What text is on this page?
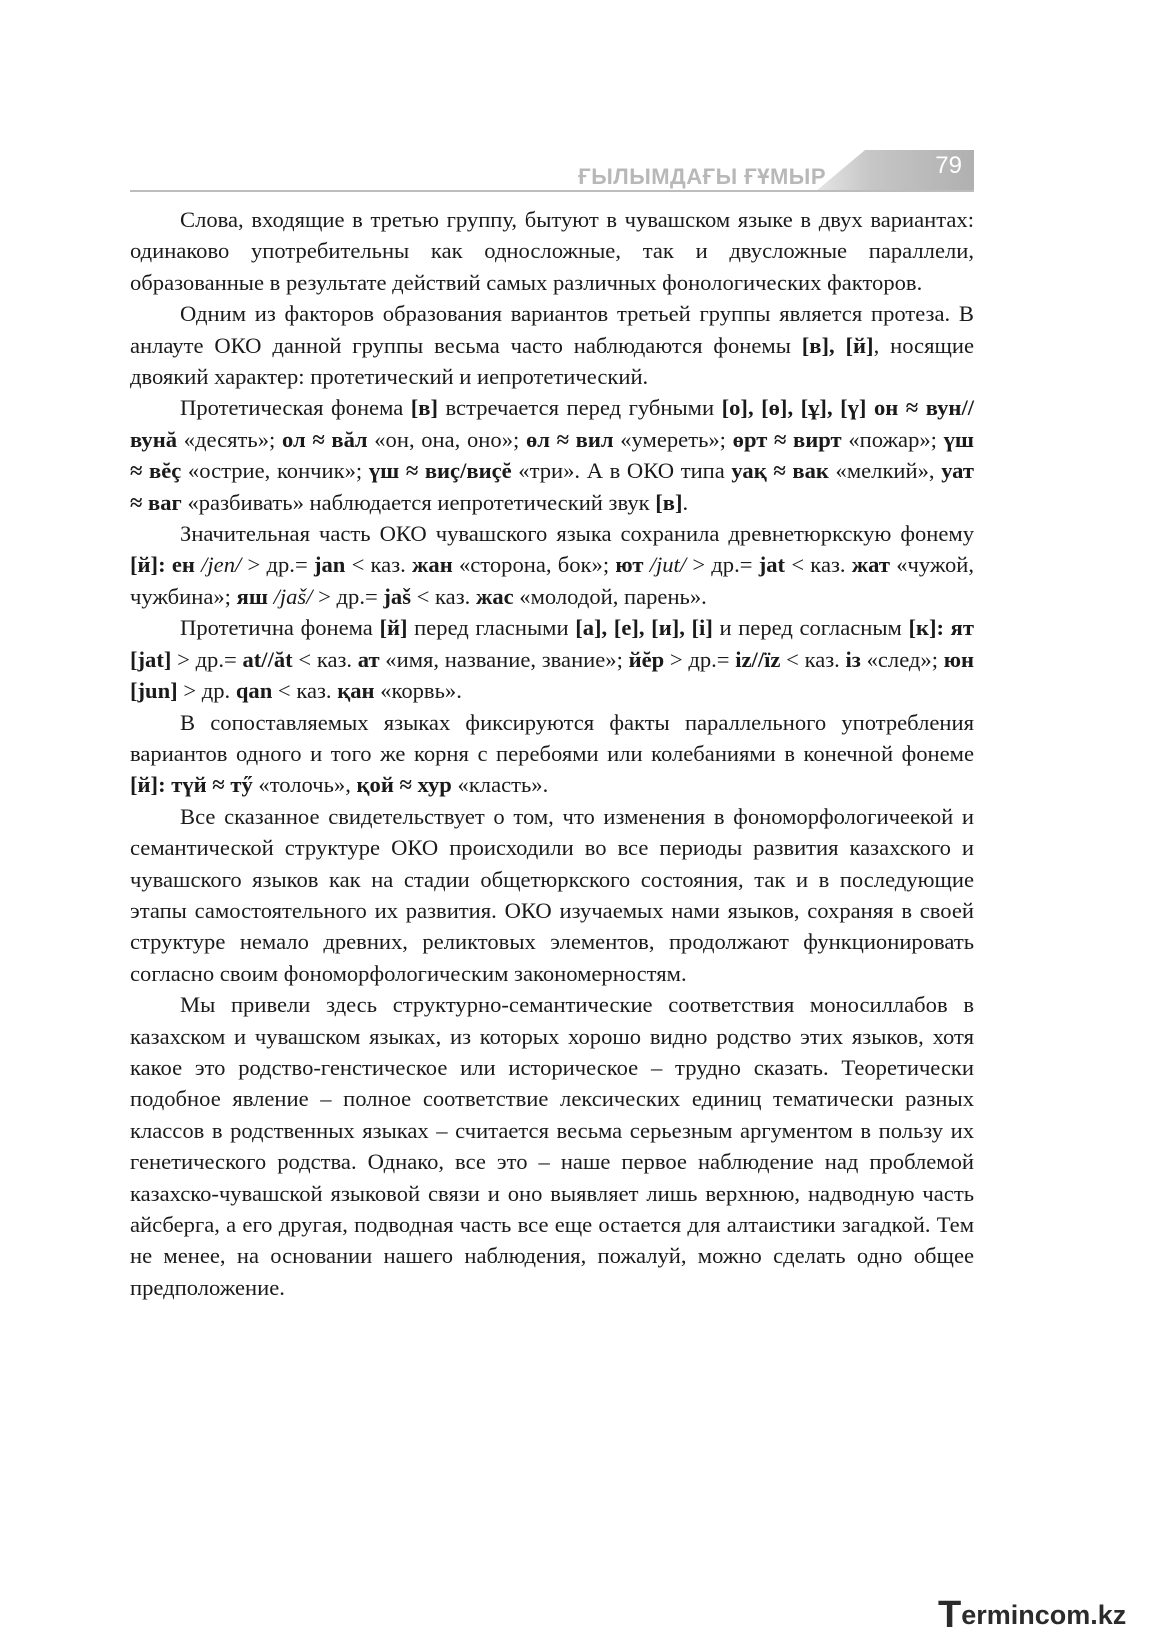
ҒЫЛЫМДАҒЫ ҒҰМЫР	79

Слова, входящие в третью группу, бытуют в чувашском языке в двух вариантах: одинаково употребительны как односложные, так и двусложные параллели, образованные в результате действий самых различных фонологических факторов.

Одним из факторов образования вариантов третьей группы является протеза. В анлауте ОКО данной группы весьма часто наблюдаются фонемы [в], [й], носящие двоякий характер: протетический и иепротетический.

Протетическая фонема [в] встречается перед губными [о], [ө], [ұ], [ү] он ≈ вун//вунă «десять»; ол ≈ вăл «он, она, оно»; өл ≈ вил «умереть»; өрт ≈ вирт «пожар»; үш ≈ вĕç «острие, кончик»; үш ≈ виç/виçĕ «три». А в ОКО типа уақ ≈ вак «мелкий», уат ≈ ваг «разбивать» наблюдается иепротетический звук [в].

Значительная часть ОКО чувашского языка сохранила древнетюркскую фонему [й]: ен /jen/ > др.= jan < каз. жан «сторона, бок»; ют /jut/ > др.= jat < каз. жат «чужой, чужбина»; яш /jaš/ > др.= jaš < каз. жас «молодой, парень».

Протетична фонема [й] перед гласными [а], [е], [и], [і] и перед согласным [к]: ят [jat] > др.= at//ăt < каз. ат «имя, название, звание»; йĕр > др.= iz//ïz < каз. із «след»; юн [jun] > др. qan < каз. қан «корвь».

В сопоставляемых языках фиксируются факты параллельного употребления вариантов одного и того же корня с перебоями или колебаниями в конечной фонеме [й]: түй ≈ тӳ «толочь», қой ≈ хур «класть».

Все сказанное свидетельствует о том, что изменения в фономорфологичеекой и семантической структуре ОКО происходили во все периоды развития казахского и чувашского языков как на стадии общетюркского состояния, так и в последующие этапы самостоятельного их развития. ОКО изучаемых нами языков, сохраняя в своей структуре немало древних, реликтовых элементов, продолжают функционировать согласно своим фономорфологическим закономерностям.

Мы привели здесь структурно-семантические соответствия моносиллабов в казахском и чувашском языках, из которых хорошо видно родство этих языков, хотя какое это родство-генстическое или историческое – трудно сказать. Теоретически подобное явление – полное соответствие лексических единиц тематически разных классов в родственных языках – считается весьма серьезным аргументом в пользу их генетического родства. Однако, все это – наше первое наблюдение над проблемой казахско-чувашской языковой связи и оно выявляет лишь верхнюю, надводную часть айсберга, а его другая, подводная часть все еще остается для алтаистики загадкой. Тем не менее, на основании нашего наблюдения, пожалуй, можно сделать одно общее предположение.

Termincom.kz
